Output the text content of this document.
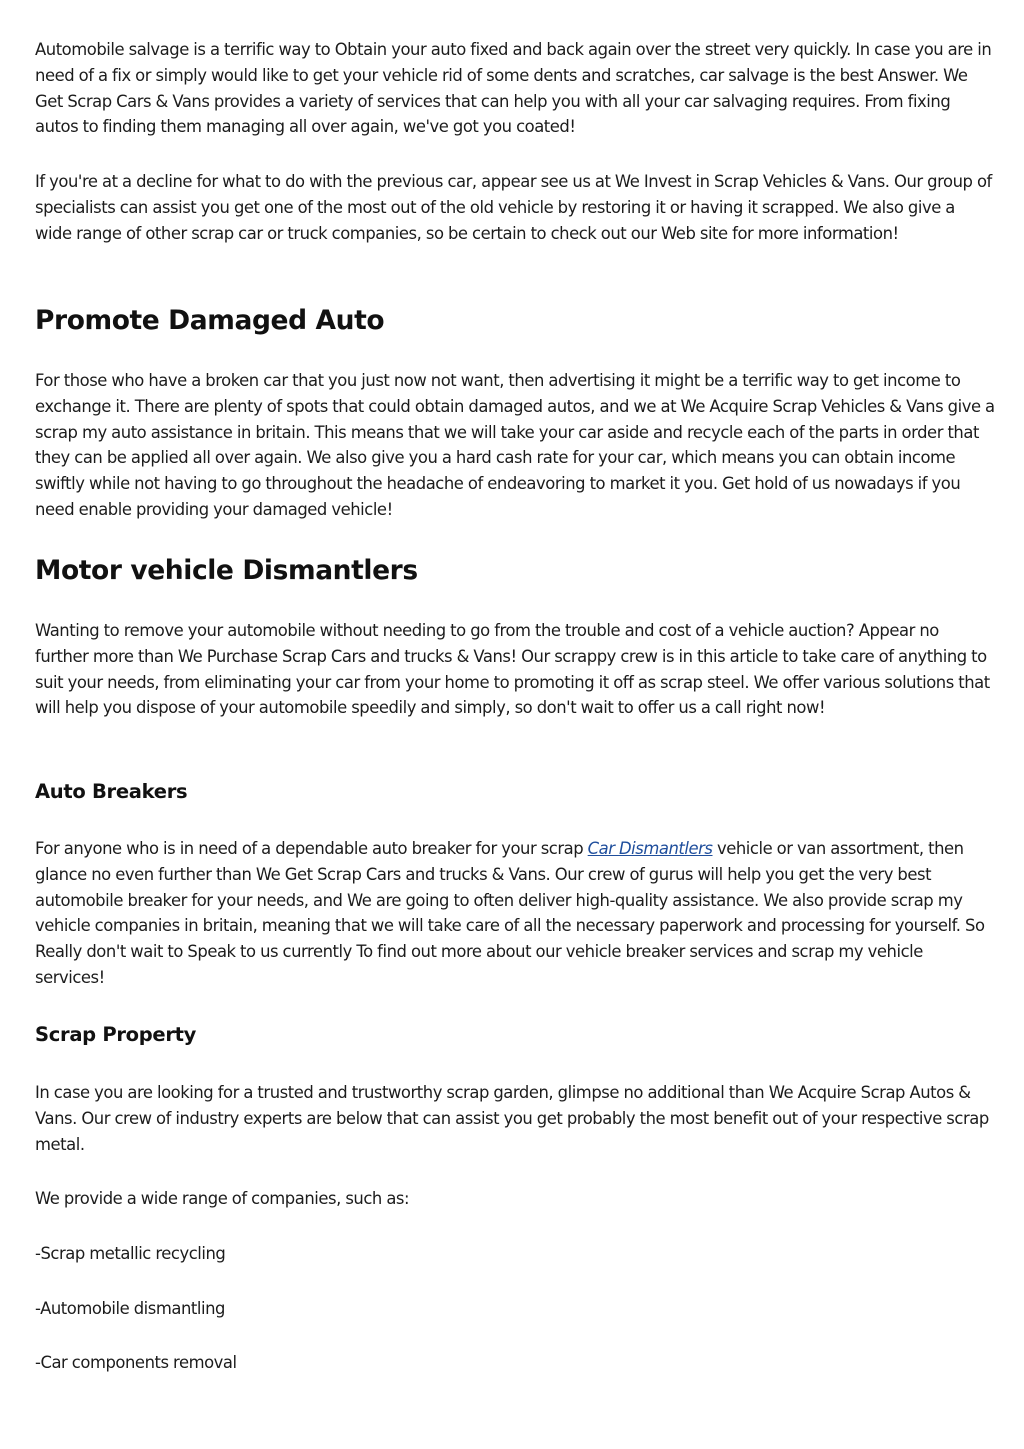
Automobile salvage is a terrific way to Obtain your auto fixed and back again over the street very quickly. In case you are in need of a fix or simply would like to get your vehicle rid of some dents and scratches, car salvage is the best Answer. We Get Scrap Cars & Vans provides a variety of services that can help you with all your car salvaging requires. From fixing autos to finding them managing all over again, we've got you coated!

If you're at a decline for what to do with the previous car, appear see us at We Invest in Scrap Vehicles & Vans. Our group of specialists can assist you get one of the most out of the old vehicle by restoring it or having it scrapped. We also give a wide range of other scrap car or truck companies, so be certain to check out our Web site for more information!

Promote Damaged Auto

For those who have a broken car that you just now not want, then advertising it might be a terrific way to get income to exchange it. There are plenty of spots that could obtain damaged autos, and we at We Acquire Scrap Vehicles & Vans give a scrap my auto assistance in britain. This means that we will take your car aside and recycle each of the parts in order that they can be applied all over again. We also give you a hard cash rate for your car, which means you can obtain income swiftly while not having to go throughout the headache of endeavoring to market it you. Get hold of us nowadays if you need enable providing your damaged vehicle!

Motor vehicle Dismantlers

Wanting to remove your automobile without needing to go from the trouble and cost of a vehicle auction? Appear no further more than We Purchase Scrap Cars and trucks & Vans! Our scrappy crew is in this article to take care of anything to suit your needs, from eliminating your car from your home to promoting it off as scrap steel. We offer various solutions that will help you dispose of your automobile speedily and simply, so don't wait to offer us a call right now!

Auto Breakers

For anyone who is in need of a dependable auto breaker for your scrap Car Dismantlers vehicle or van assortment, then glance no even further than We Get Scrap Cars and trucks & Vans. Our crew of gurus will help you get the very best automobile breaker for your needs, and We are going to often deliver high-quality assistance. We also provide scrap my vehicle companies in britain, meaning that we will take care of all the necessary paperwork and processing for yourself. So Really don't wait to Speak to us currently To find out more about our vehicle breaker services and scrap my vehicle services!

Scrap Property

In case you are looking for a trusted and trustworthy scrap garden, glimpse no additional than We Acquire Scrap Autos & Vans. Our crew of industry experts are below that can assist you get probably the most benefit out of your respective scrap metal.

We provide a wide range of companies, such as:

-Scrap metallic recycling

-Automobile dismantling

-Car components removal
